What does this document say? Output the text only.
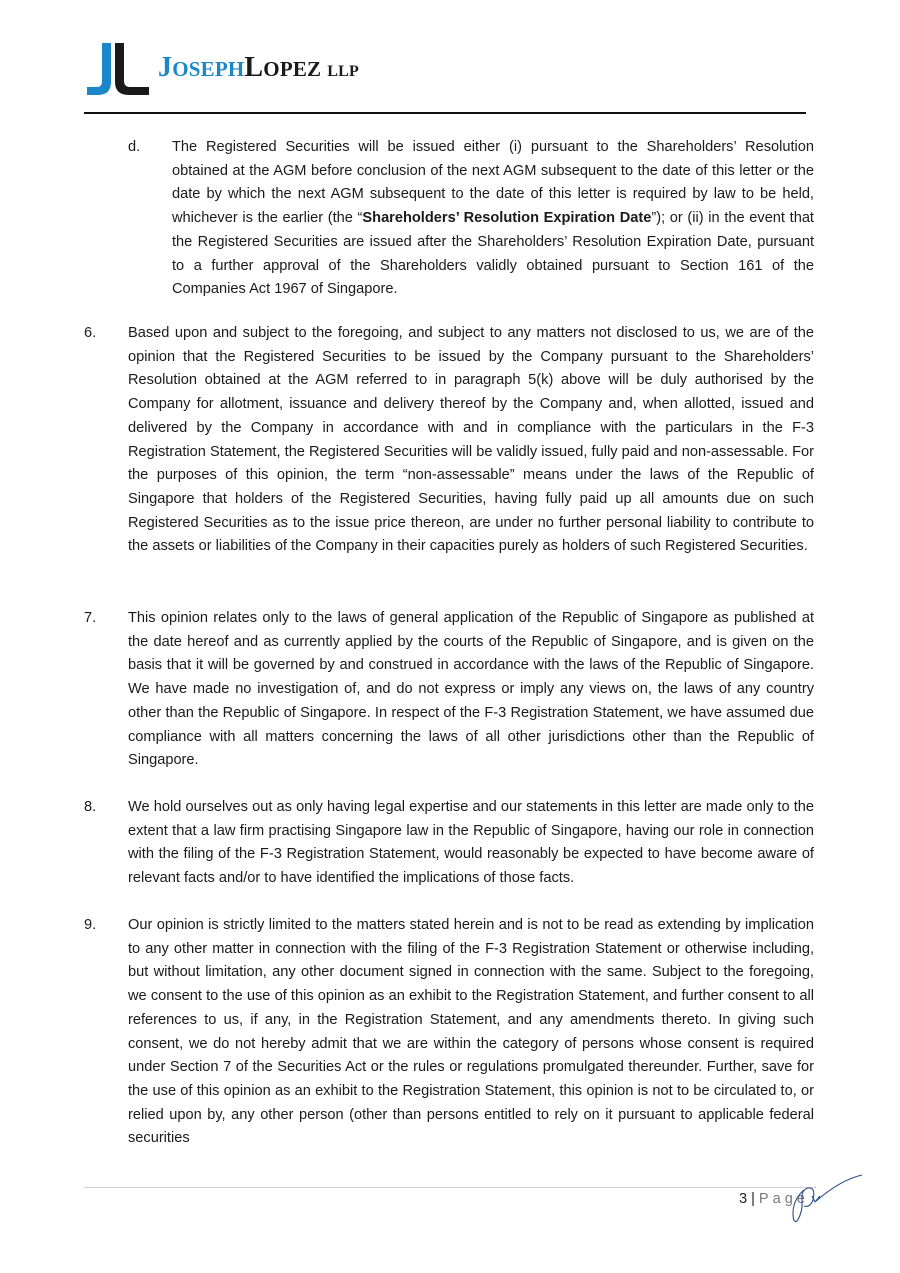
JOSEPHLOPEZ LLP
d. The Registered Securities will be issued either (i) pursuant to the Shareholders’ Resolution obtained at the AGM before conclusion of the next AGM subsequent to the date of this letter or the date by which the next AGM subsequent to the date of this letter is required by law to be held, whichever is the earlier (the “Shareholders’ Resolution Expiration Date”); or (ii) in the event that the Registered Securities are issued after the Shareholders’ Resolution Expiration Date, pursuant to a further approval of the Shareholders validly obtained pursuant to Section 161 of the Companies Act 1967 of Singapore.
6. Based upon and subject to the foregoing, and subject to any matters not disclosed to us, we are of the opinion that the Registered Securities to be issued by the Company pursuant to the Shareholders’ Resolution obtained at the AGM referred to in paragraph 5(k) above will be duly authorised by the Company for allotment, issuance and delivery thereof by the Company and, when allotted, issued and delivered by the Company in accordance with and in compliance with the particulars in the F-3 Registration Statement, the Registered Securities will be validly issued, fully paid and non-assessable. For the purposes of this opinion, the term “non-assessable” means under the laws of the Republic of Singapore that holders of the Registered Securities, having fully paid up all amounts due on such Registered Securities as to the issue price thereon, are under no further personal liability to contribute to the assets or liabilities of the Company in their capacities purely as holders of such Registered Securities.
7. This opinion relates only to the laws of general application of the Republic of Singapore as published at the date hereof and as currently applied by the courts of the Republic of Singapore, and is given on the basis that it will be governed by and construed in accordance with the laws of the Republic of Singapore. We have made no investigation of, and do not express or imply any views on, the laws of any country other than the Republic of Singapore. In respect of the F-3 Registration Statement, we have assumed due compliance with all matters concerning the laws of all other jurisdictions other than the Republic of Singapore.
8. We hold ourselves out as only having legal expertise and our statements in this letter are made only to the extent that a law firm practising Singapore law in the Republic of Singapore, having our role in connection with the filing of the F-3 Registration Statement, would reasonably be expected to have become aware of relevant facts and/or to have identified the implications of those facts.
9. Our opinion is strictly limited to the matters stated herein and is not to be read as extending by implication to any other matter in connection with the filing of the F-3 Registration Statement or otherwise including, but without limitation, any other document signed in connection with the same. Subject to the foregoing, we consent to the use of this opinion as an exhibit to the Registration Statement, and further consent to all references to us, if any, in the Registration Statement, and any amendments thereto. In giving such consent, we do not hereby admit that we are within the category of persons whose consent is required under Section 7 of the Securities Act or the rules or regulations promulgated thereunder. Further, save for the use of this opinion as an exhibit to the Registration Statement, this opinion is not to be circulated to, or relied upon by, any other person (other than persons entitled to rely on it pursuant to applicable federal securities
3 | Page
